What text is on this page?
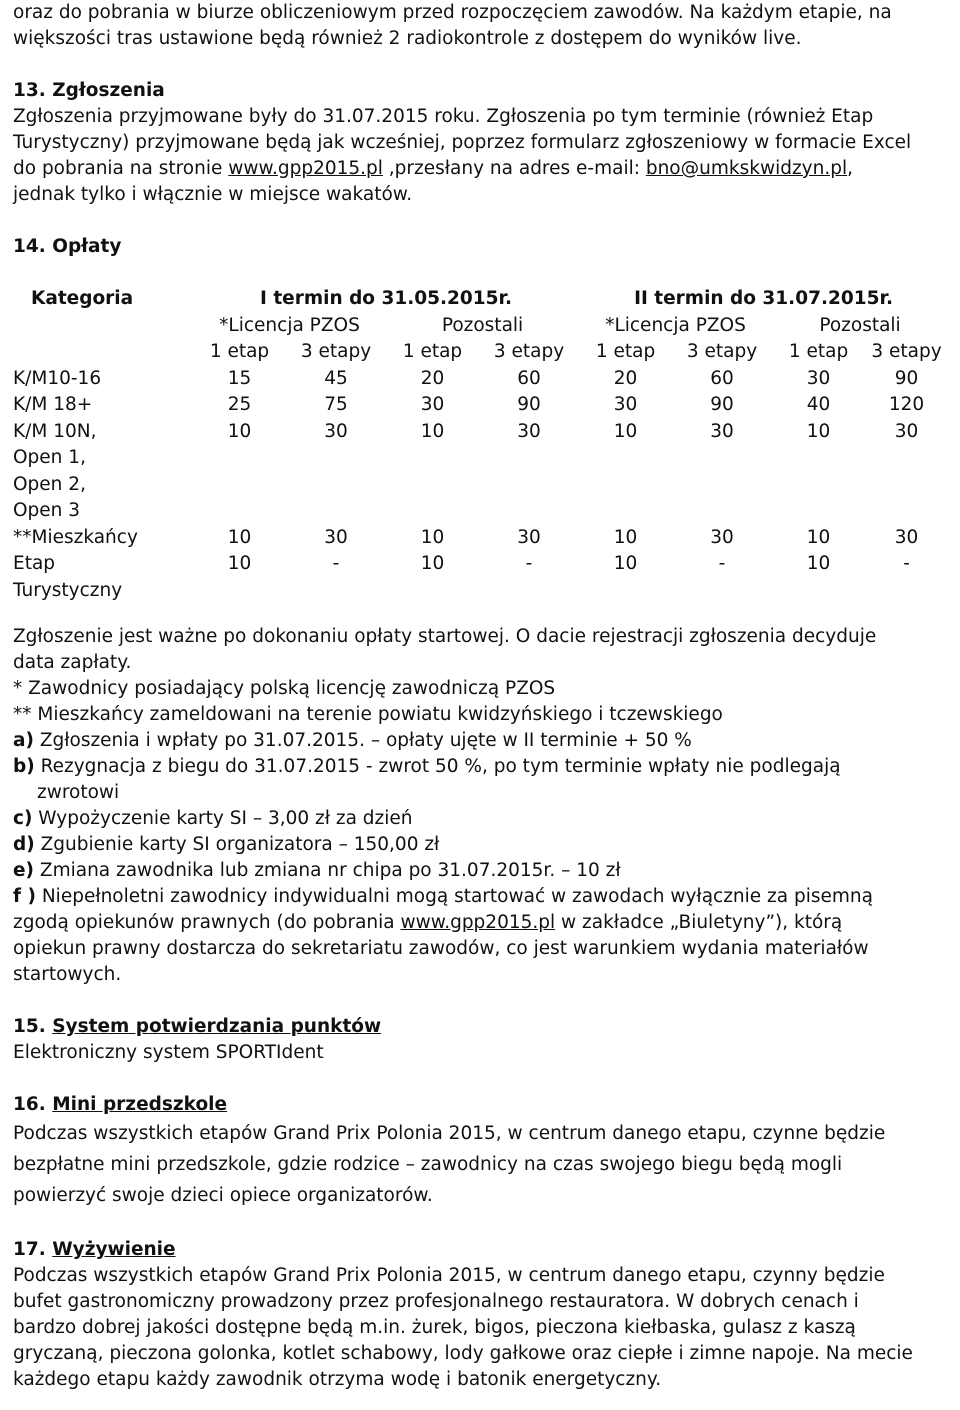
oraz do pobrania w biurze obliczeniowym przed rozpoczęciem zawodów. Na każdym etapie, na

większości tras ustawione będą również 2 radiokontrole z dostępem do wyników live.

13. Zgłoszenia

Zgłoszenia przyjmowane były do 31.07.2015 roku. Zgłoszenia po tym terminie (również Etap

Turystyczny) przyjmowane będą jak wcześniej, poprzez formularz zgłoszeniowy w formacie Excel

do pobrania na stronie www.gpp2015.pl ,przesłany na adres e-mail: bno@umkskwidzyn.pl,

jednak tylko i włącznie w miejsce wakatów.

14. Opłaty
Kategoria	I termin do 31.05.2015r.				II termin do 31.07.2015r.			
	*Licencja PZOS		Pozostali		*Licencja PZOS		Pozostali	
	1 etap	3 etapy	1 etap	3 etapy	1 etap	3 etapy	1 etap	3 etapy
K/M10-16	15	45	20	60	20	60	30	90
K/M 18+	25	75	30	90	30	90	40	120
K/M 10N,	10	30	10	30	10	30	10	30
Open 1,								
Open 2,								
Open 3								
**Mieszkańcy	10	30	10	30	10	30	10	30
Etap	10	-	10	-	10	-	10	-
Turystyczny								

Zgłoszenie jest ważne po dokonaniu opłaty startowej. O dacie rejestracji zgłoszenia decyduje

data zapłaty.

* Zawodnicy posiadający polską licencję zawodniczą PZOS

** Mieszkańcy zameldowani na terenie powiatu kwidzyńskiego i tczewskiego

a) Zgłoszenia i wpłaty po 31.07.2015. – opłaty ujęte w II terminie + 50 %

b) Rezygnacja z biegu do 31.07.2015 - zwrot 50 %, po tym terminie wpłaty nie podlegają

zwrotowi

c) Wypożyczenie karty SI – 3,00 zł za dzień

d) Zgubienie karty SI organizatora – 150,00 zł

e) Zmiana zawodnika lub zmiana nr chipa po 31.07.2015r. – 10 zł

f ) Niepełnoletni zawodnicy indywidualni mogą startować w zawodach wyłącznie za pisemną

zgodą opiekunów prawnych (do pobrania www.gpp2015.pl w zakładce „Biuletyny”), którą

opiekun prawny dostarcza do sekretariatu zawodów, co jest warunkiem wydania materiałów

startowych.

15. System potwierdzania punktów

Elektroniczny system SPORTIdent

16. Mini przedszkole

Podczas wszystkich etapów Grand Prix Polonia 2015, w centrum danego etapu, czynne będzie

bezpłatne mini przedszkole, gdzie rodzice – zawodnicy na czas swojego biegu będą mogli

powierzyć swoje dzieci opiece organizatorów.

17. Wyżywienie

Podczas wszystkich etapów Grand Prix Polonia 2015, w centrum danego etapu, czynny będzie

bufet gastronomiczny prowadzony przez profesjonalnego restauratora. W dobrych cenach i

bardzo dobrej jakości dostępne będą m.in. żurek, bigos, pieczona kiełbaska, gulasz z kaszą

gryczaną, pieczona golonka, kotlet schabowy, lody gałkowe oraz ciepłe i zimne napoje. Na mecie

każdego etapu każdy zawodnik otrzyma wodę i batonik energetyczny.
